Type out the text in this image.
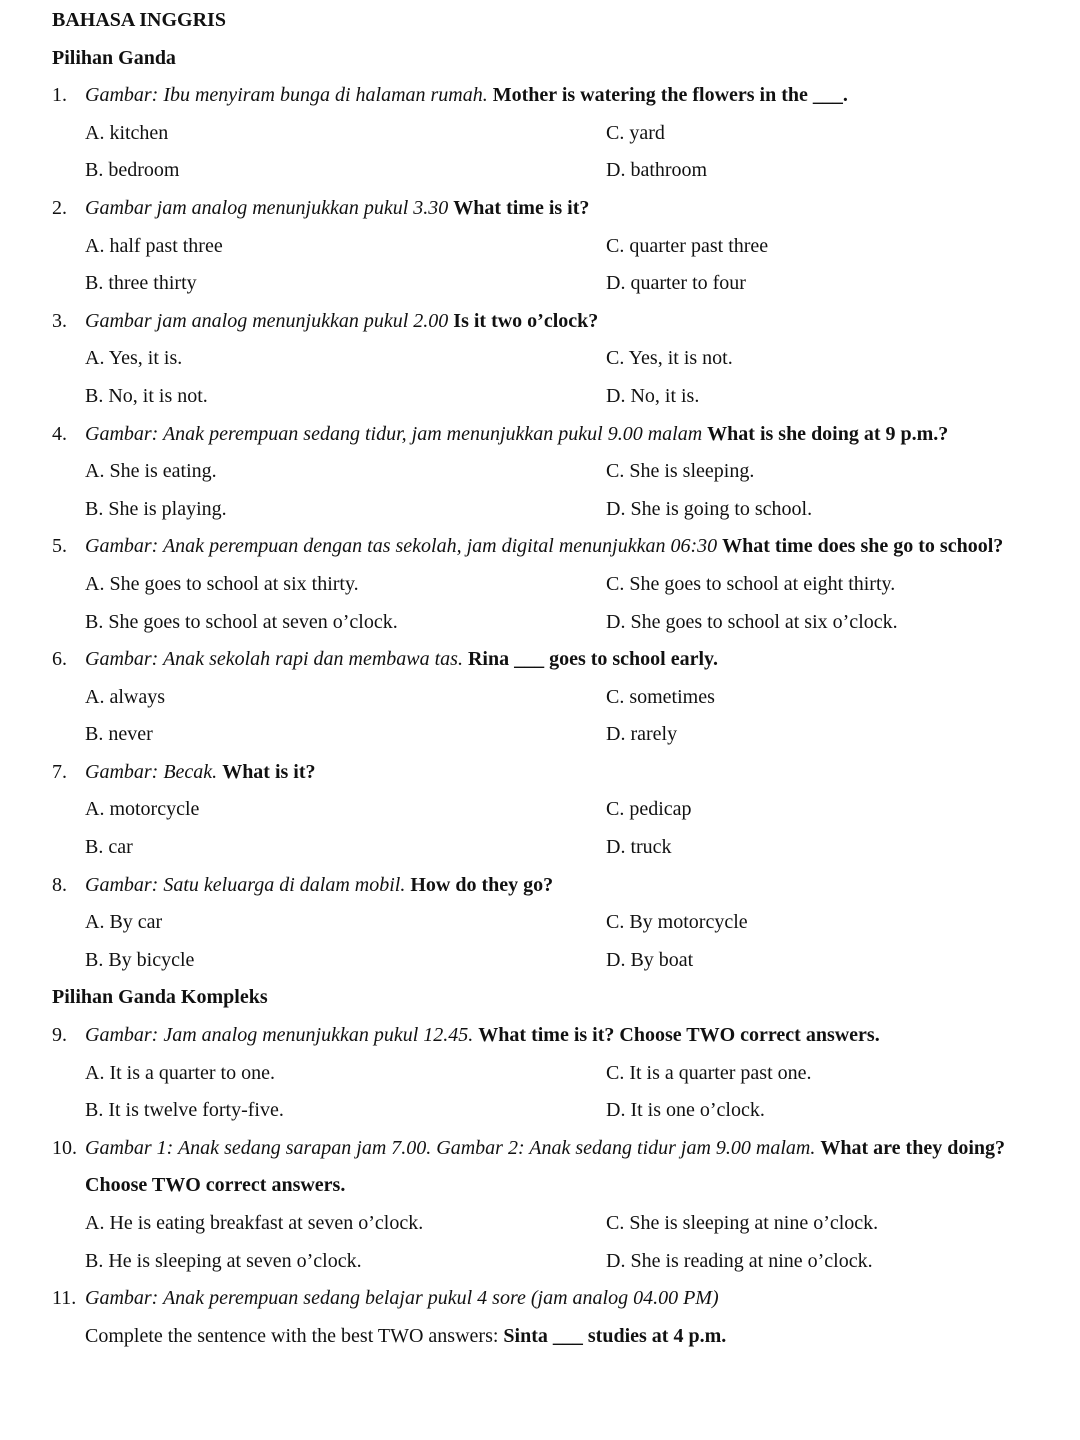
BAHASA INGGRIS
Pilihan Ganda
1. Gambar: Ibu menyiram bunga di halaman rumah. Mother is watering the flowers in the ___.
A. kitchen	C. yard
B. bedroom	D. bathroom
2. Gambar jam analog menunjukkan pukul 3.30 What time is it?
A. half past three	C. quarter past three
B. three thirty	D. quarter to four
3. Gambar jam analog menunjukkan pukul 2.00 Is it two o’clock?
A. Yes, it is.	C. Yes, it is not.
B. No, it is not.	D. No, it is.
4. Gambar: Anak perempuan sedang tidur, jam menunjukkan pukul 9.00 malam What is she doing at 9 p.m.?
A. She is eating.	C. She is sleeping.
B. She is playing.	D. She is going to school.
5. Gambar: Anak perempuan dengan tas sekolah, jam digital menunjukkan 06:30 What time does she go to school?
A. She goes to school at six thirty.	C. She goes to school at eight thirty.
B. She goes to school at seven o’clock.	D. She goes to school at six o’clock.
6. Gambar: Anak sekolah rapi dan membawa tas. Rina ___ goes to school early.
A. always	C. sometimes
B. never	D. rarely
7. Gambar: Becak. What is it?
A. motorcycle	C. pedicap
B. car	D. truck
8. Gambar: Satu keluarga di dalam mobil. How do they go?
A. By car	C. By motorcycle
B. By bicycle	D. By boat
Pilihan Ganda Kompleks
9. Gambar: Jam analog menunjukkan pukul 12.45. What time is it? Choose TWO correct answers.
A. It is a quarter to one.	C. It is a quarter past one.
B. It is twelve forty-five.	D. It is one o’clock.
10. Gambar 1: Anak sedang sarapan jam 7.00. Gambar 2: Anak sedang tidur jam 9.00 malam. What are they doing? Choose TWO correct answers.
A. He is eating breakfast at seven o’clock.	C. She is sleeping at nine o’clock.
B. He is sleeping at seven o’clock.	D. She is reading at nine o’clock.
11. Gambar: Anak perempuan sedang belajar pukul 4 sore (jam analog 04.00 PM)
Complete the sentence with the best TWO answers: Sinta ___ studies at 4 p.m.
